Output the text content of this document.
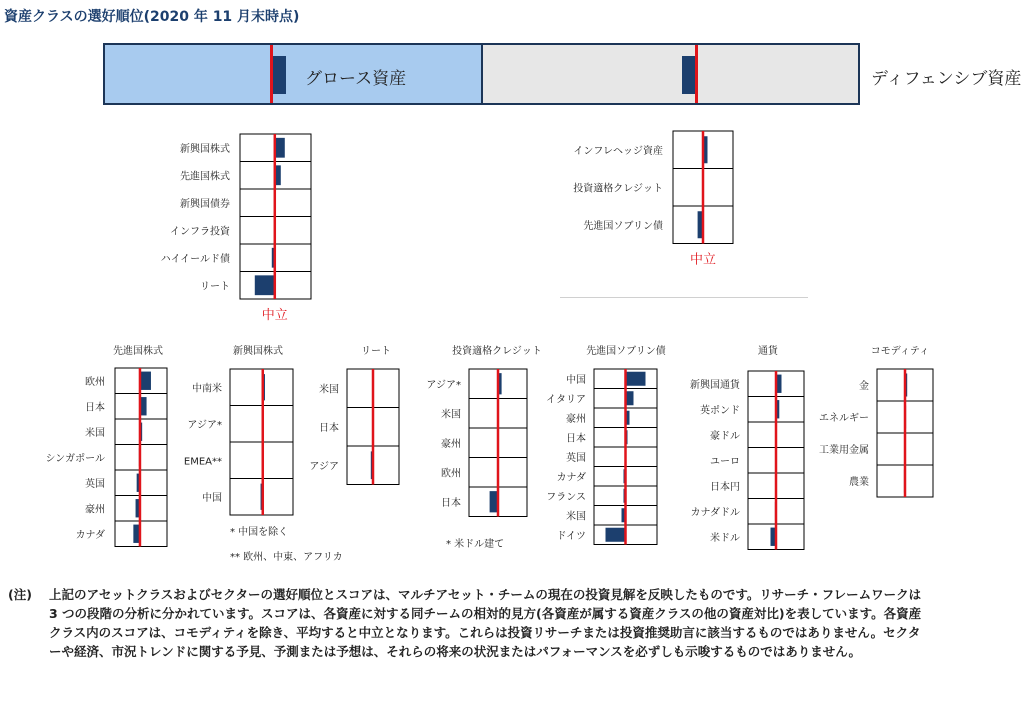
資産クラスの選好順位(2020 年 11 月末時点)
グロース資産	ディフェンシブ資産
新興国株式
先進国株式
新興国債券
インフラ投資
ハイイールド債
リート
中立
インフレヘッジ資産
投資適格クレジット
先進国ソブリン債
中立
先進国株式
欧州
日本
米国
シンガポール
英国
豪州
カナダ
新興国株式
中南米
アジア*
EMEA**
中国
リート
米国
日本
アジア
投資適格クレジット
アジア*
米国
豪州
欧州
日本
先進国ソブリン債
中国
イタリア
豪州
日本
英国
カナダ
フランス
米国
ドイツ
通貨
新興国通貨
英ポンド
豪ドル
ユーロ
日本円
カナダドル
米ドル
コモディティ
金
エネルギー
工業用金属
農業
* 中国を除く
** 欧州、中東、アフリカ
* 米ドル建て
(注) 上記のアセットクラスおよびセクターの選好順位とスコアは、マルチアセット・チームの現在の投資見解を反映したものです。リサーチ・フレームワークは 3 つの段階の分析に分かれています。スコアは、各資産に対する同チームの相対的見方(各資産が属する資産クラスの他の資産対比)を表しています。各資産クラス内のスコアは、コモディティを除き、平均すると中立となります。これらは投資リサーチまたは投資推奨助言に該当するものではありません。セクターや経済、市況トレンドに関する予見、予測または予想は、それらの将来の状況またはパフォーマンスを必ずしも示唆するものではありません。
